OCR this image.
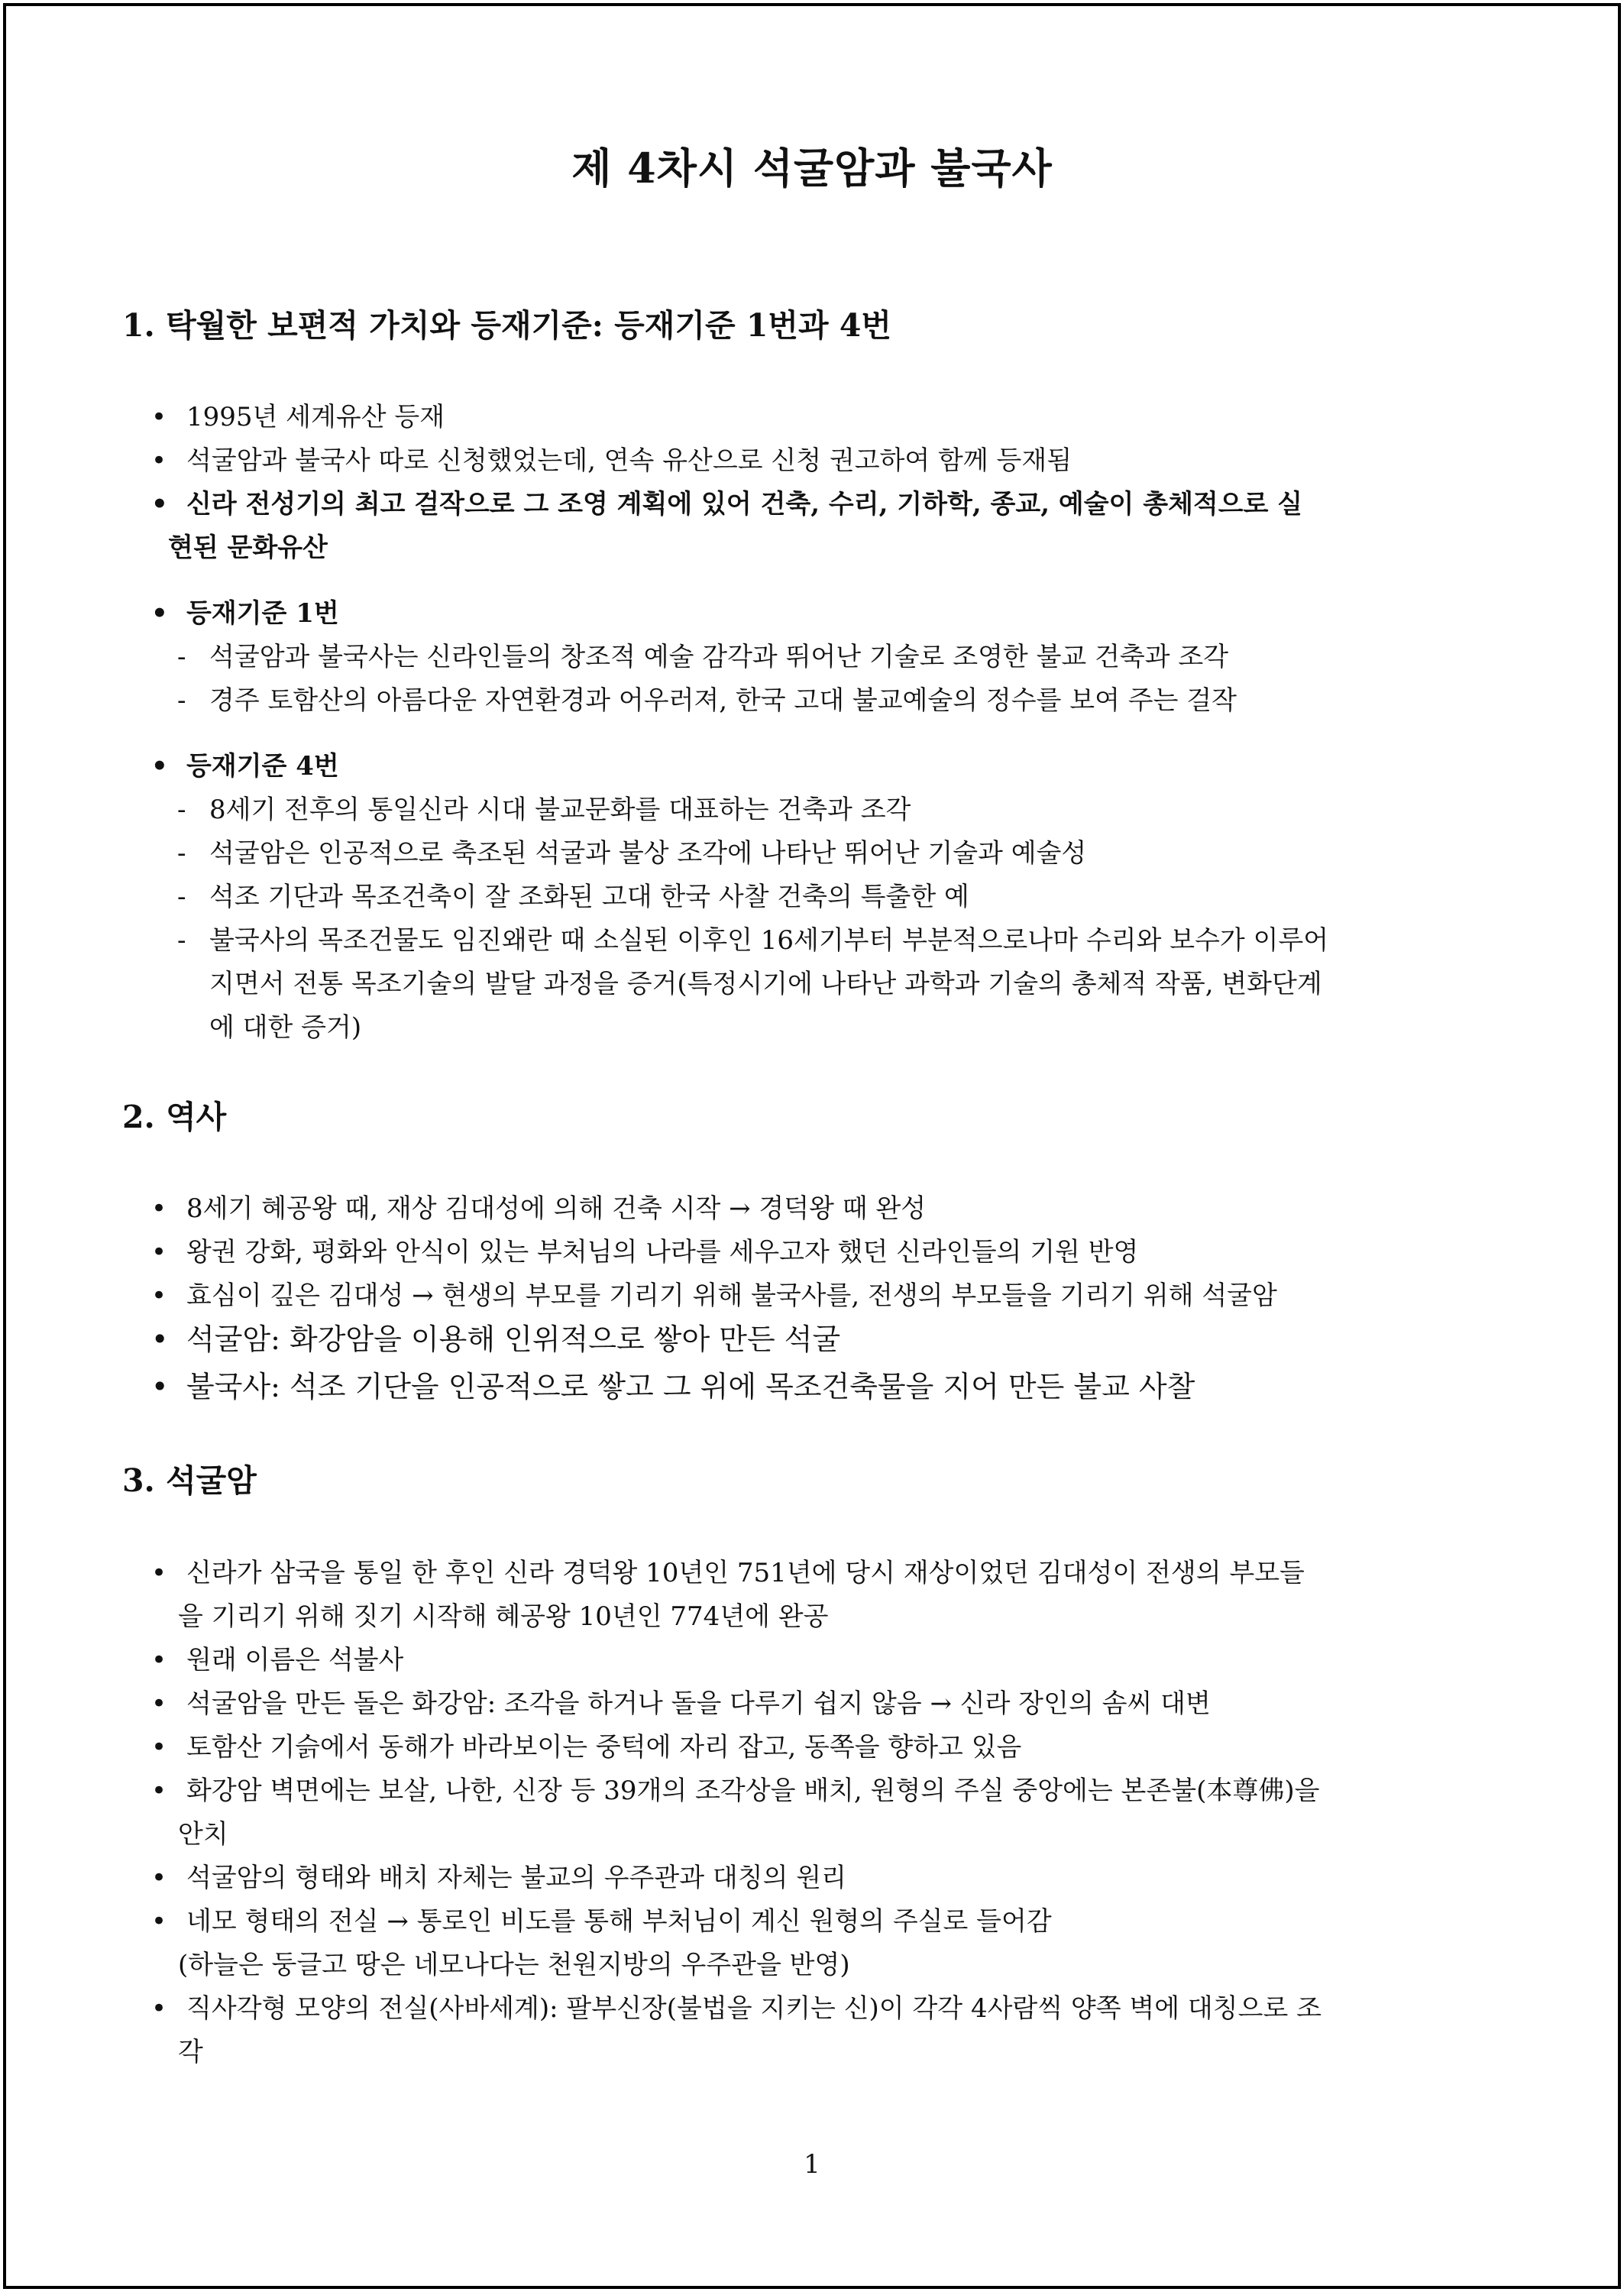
제 4차시 석굴암과 불국사
1. 탁월한 보편적 가치와 등재기준: 등재기준 1번과 4번
• 1995년 세계유산 등재
• 석굴암과 불국사 따로 신청했었는데, 연속 유산으로 신청 권고하여 함께 등재됨
• 신라 전성기의 최고 걸작으로 그 조영 계획에 있어 건축, 수리, 기하학, 종교, 예술이 총체적으로 실
현된 문화유산
• 등재기준 1번
- 석굴암과 불국사는 신라인들의 창조적 예술 감각과 뛰어난 기술로 조영한 불교 건축과 조각
- 경주 토함산의 아름다운 자연환경과 어우러져, 한국 고대 불교예술의 정수를 보여 주는 걸작
• 등재기준 4번
- 8세기 전후의 통일신라 시대 불교문화를 대표하는 건축과 조각
- 석굴암은 인공적으로 축조된 석굴과 불상 조각에 나타난 뛰어난 기술과 예술성
- 석조 기단과 목조건축이 잘 조화된 고대 한국 사찰 건축의 특출한 예
- 불국사의 목조건물도 임진왜란 때 소실된 이후인 16세기부터 부분적으로나마 수리와 보수가 이루어
지면서 전통 목조기술의 발달 과정을 증거(특정시기에 나타난 과학과 기술의 총체적 작품, 변화단계
에 대한 증거)
2. 역사
• 8세기 혜공왕 때, 재상 김대성에 의해 건축 시작 → 경덕왕 때 완성
• 왕권 강화, 평화와 안식이 있는 부처님의 나라를 세우고자 했던 신라인들의 기원 반영
• 효심이 깊은 김대성 → 현생의 부모를 기리기 위해 불국사를, 전생의 부모들을 기리기 위해 석굴암
• 석굴암: 화강암을 이용해 인위적으로 쌓아 만든 석굴
• 불국사: 석조 기단을 인공적으로 쌓고 그 위에 목조건축물을 지어 만든 불교 사찰
3. 석굴암
• 신라가 삼국을 통일 한 후인 신라 경덕왕 10년인 751년에 당시 재상이었던 김대성이 전생의 부모들
을 기리기 위해 짓기 시작해 혜공왕 10년인 774년에 완공
• 원래 이름은 석불사
• 석굴암을 만든 돌은 화강암: 조각을 하거나 돌을 다루기 쉽지 않음 → 신라 장인의 솜씨 대변
• 토함산 기슭에서 동해가 바라보이는 중턱에 자리 잡고, 동쪽을 향하고 있음
• 화강암 벽면에는 보살, 나한, 신장 등 39개의 조각상을 배치, 원형의 주실 중앙에는 본존불(本尊佛)을
안치
• 석굴암의 형태와 배치 자체는 불교의 우주관과 대칭의 원리
• 네모 형태의 전실 → 통로인 비도를 통해 부처님이 계신 원형의 주실로 들어감
(하늘은 둥글고 땅은 네모나다는 천원지방의 우주관을 반영)
• 직사각형 모양의 전실(사바세계): 팔부신장(불법을 지키는 신)이 각각 4사람씩 양쪽 벽에 대칭으로 조
각
1
